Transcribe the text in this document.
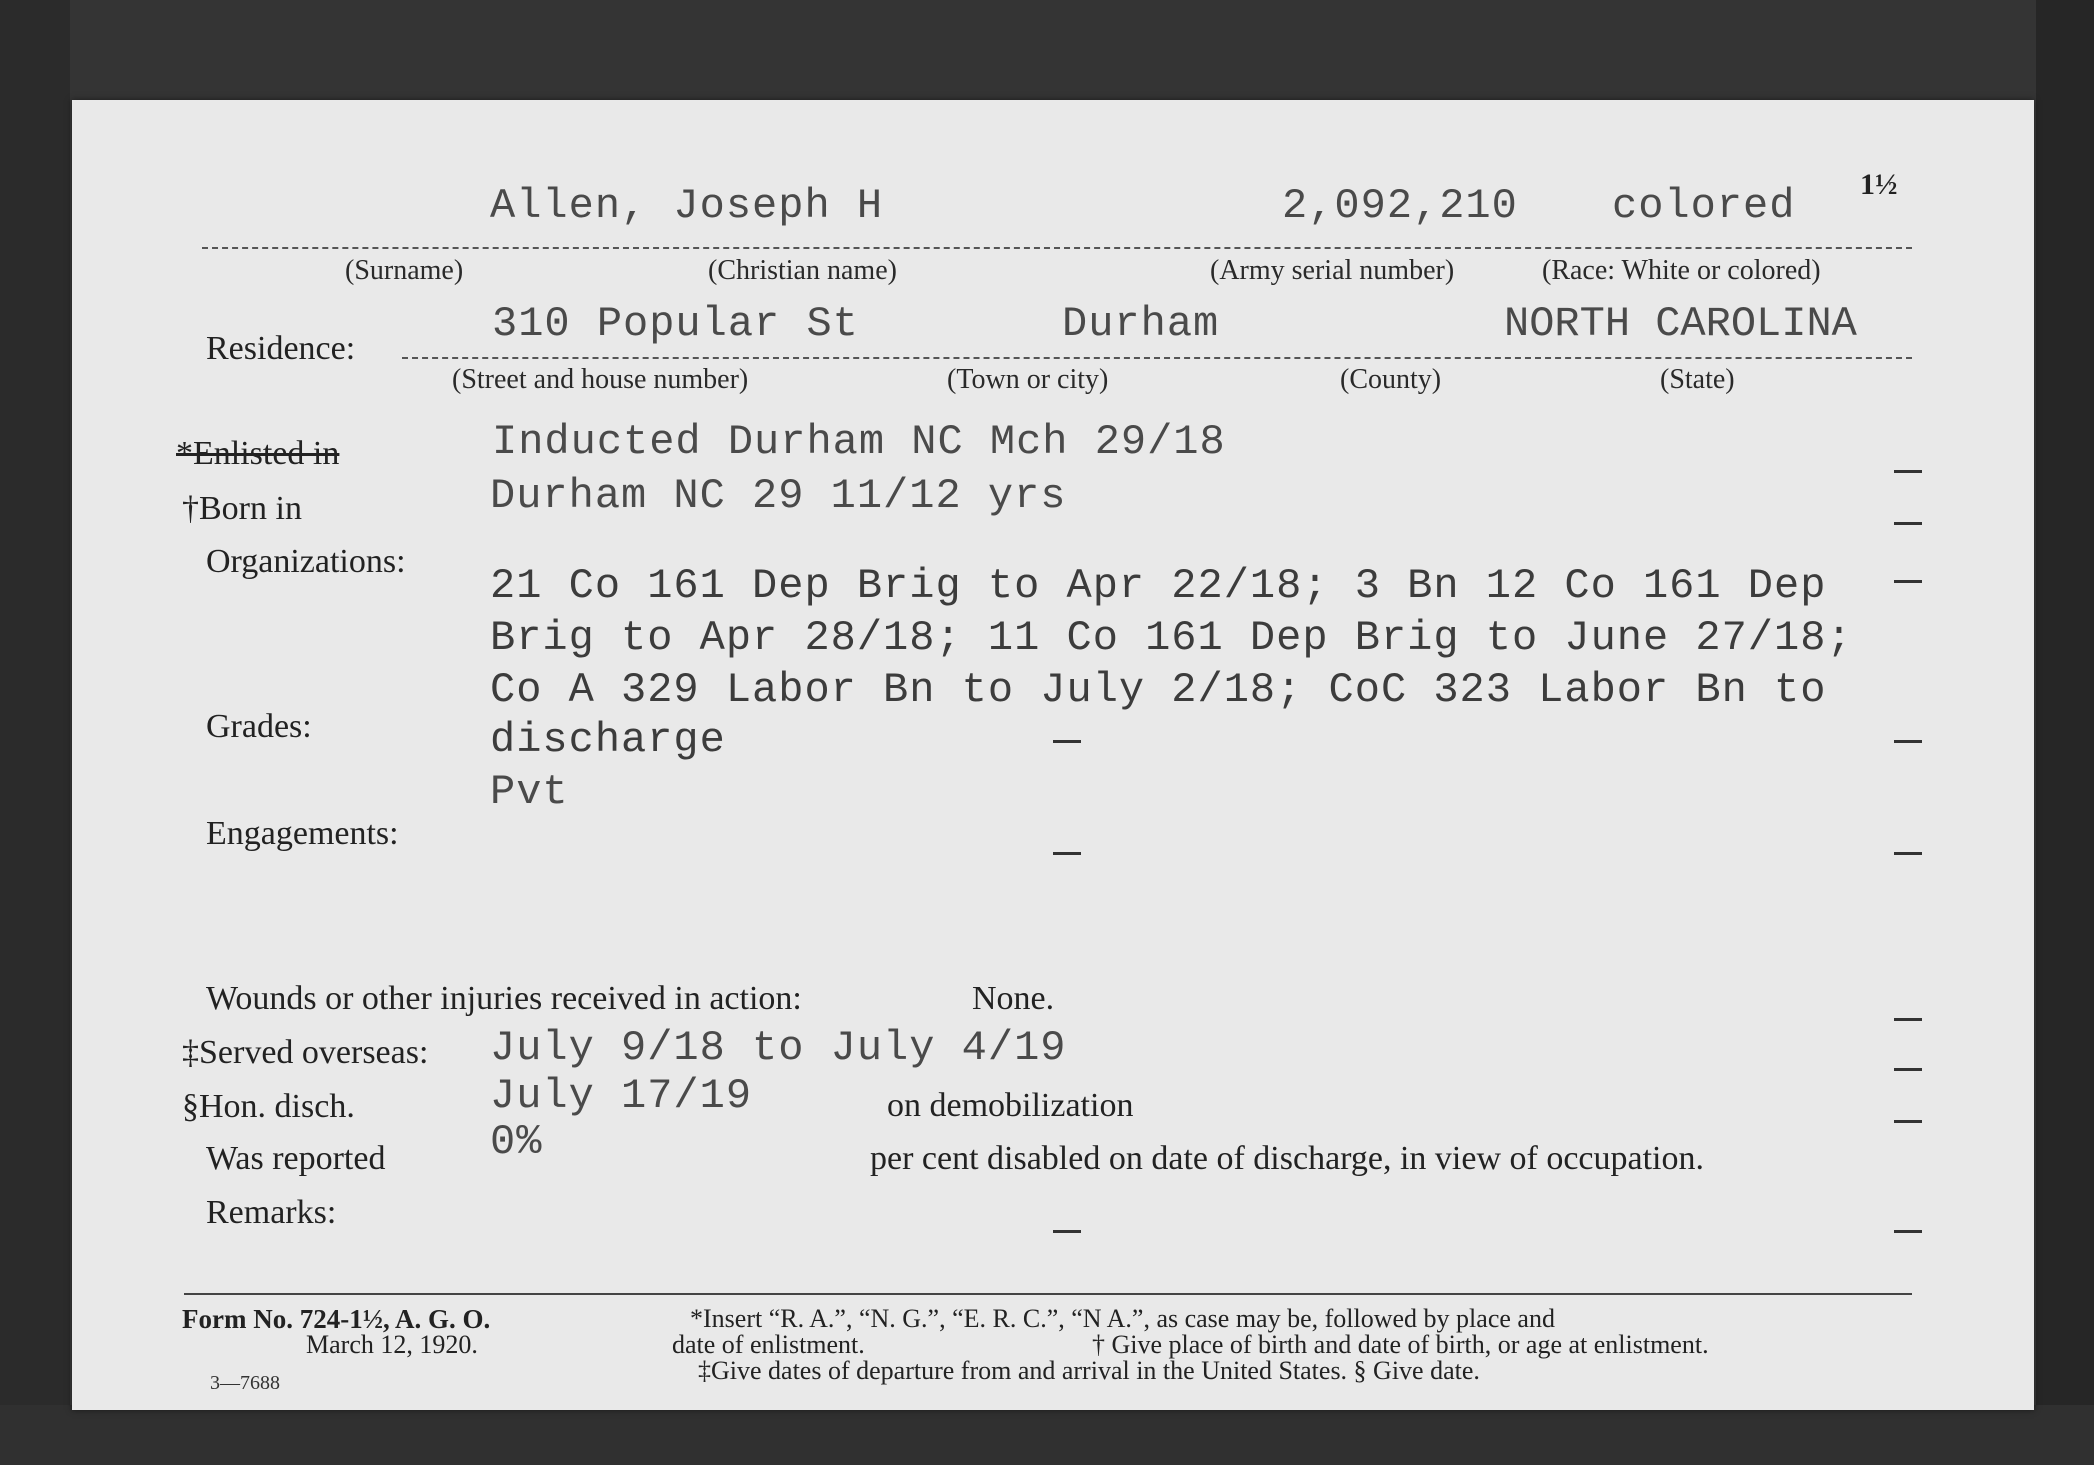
1½
Allen, Joseph H	2,092,210 colored
(Surname)	(Christian name)	(Army serial number)	(Race: White or colored)
Residence:
310 Popular St	Durham	NORTH CAROLINA
(Street and house number)	(Town or city)	(County)	(State)
*Enlisted in	Inducted Durham NC Mch 29/18
†Born in	Durham NC 29 11/12 yrs
Organizations:
21 Co 161 Dep Brig to Apr 22/18; 3 Bn 12 Co 161 Dep
Brig to Apr 28/18; 11 Co 161 Dep Brig to June 27/18;
Co A 329 Labor Bn to July 2/18; CoC 323 Labor Bn to
discharge
Grades:
Pvt
Engagements:
Wounds or other injuries received in action:	None.
‡Served overseas: July 9/18 to July 4/19
§Hon. disch.	July 17/19	on demobilization
Was reported 0%	per cent disabled on date of discharge, in view of occupation.
Remarks:
Form No. 724-1½, A. G. O.
March 12, 1920.
3—7688
*Insert “R. A.”, “N. G.”, “E. R. C.”, “N A.”, as case may be, followed by place and
date of enlistment.	† Give place of birth and date of birth, or age at enlistment.
‡Give dates of departure from and arrival in the United States. § Give date.
